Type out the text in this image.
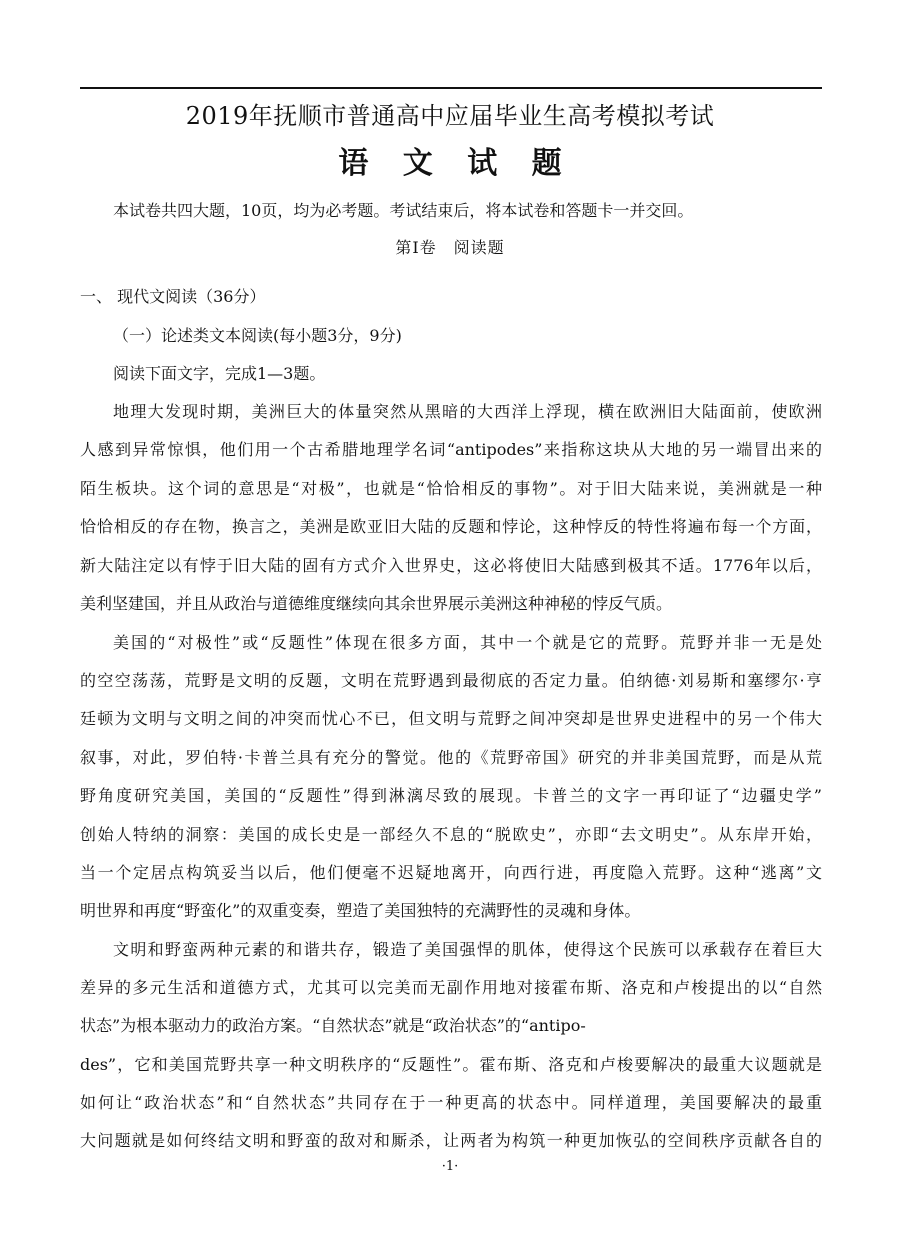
2019年抚顺市普通高中应届毕业生高考模拟考试
语 文 试 题
本试卷共四大题，10页，均为必考题。考试结束后，将本试卷和答题卡一并交回。
第Ⅰ卷　阅读题
一、 现代文阅读（36分）
（一）论述类文本阅读(每小题3分，9分)
阅读下面文字，完成1—3题。
地理大发现时期，美洲巨大的体量突然从黑暗的大西洋上浮现，横在欧洲旧大陆面前，使欧洲
人感到异常惊惧，他们用一个古希腊地理学名词“antipodes”来指称这块从大地的另一端冒出来的
陌生板块。这个词的意思是“对极”，也就是“恰恰相反的事物”。对于旧大陆来说，美洲就是一种
恰恰相反的存在物，换言之，美洲是欧亚旧大陆的反题和悖论，这种悖反的特性将遍布每一个方面，
新大陆注定以有悖于旧大陆的固有方式介入世界史，这必将使旧大陆感到极其不适。1776年以后，
美利坚建国，并且从政治与道德维度继续向其余世界展示美洲这种神秘的悖反气质。
美国的“对极性”或“反题性”体现在很多方面，其中一个就是它的荒野。荒野并非一无是处
的空空荡荡，荒野是文明的反题，文明在荒野遇到最彻底的否定力量。伯纳德·刘易斯和塞缪尔·亨
廷顿为文明与文明之间的冲突而忧心不已，但文明与荒野之间冲突却是世界史进程中的另一个伟大
叙事，对此，罗伯特·卡普兰具有充分的警觉。他的《荒野帝国》研究的并非美国荒野，而是从荒
野角度研究美国，美国的“反题性”得到淋漓尽致的展现。卡普兰的文字一再印证了“边疆史学”
创始人特纳的洞察：美国的成长史是一部经久不息的“脱欧史”，亦即“去文明史”。从东岸开始，
当一个定居点构筑妥当以后，他们便毫不迟疑地离开，向西行进，再度隐入荒野。这种“逃离”文
明世界和再度“野蛮化”的双重变奏，塑造了美国独特的充满野性的灵魂和身体。
文明和野蛮两种元素的和谐共存，锻造了美国强悍的肌体，使得这个民族可以承载存在着巨大
差异的多元生活和道德方式，尤其可以完美而无副作用地对接霍布斯、洛克和卢梭提出的以“自然
状态”为根本驱动力的政治方案。“自然状态”就是“政治状态”的“antipo-
des”，它和美国荒野共享一种文明秩序的“反题性”。霍布斯、洛克和卢梭要解决的最重大议题就是
如何让“政治状态”和“自然状态”共同存在于一种更高的状态中。同样道理，美国要解决的最重
大问题就是如何终结文明和野蛮的敌对和厮杀，让两者为构筑一种更加恢弘的空间秩序贡献各自的
·1·
